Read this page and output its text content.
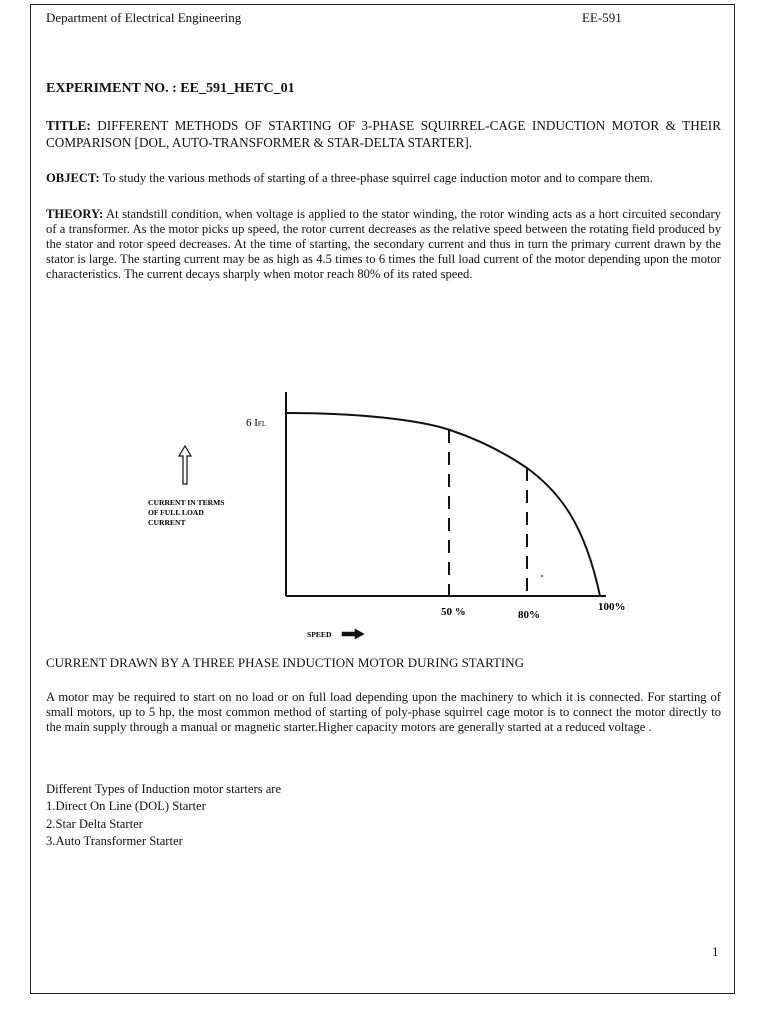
Department of Electrical Engineering	EE-591
EXPERIMENT NO. : EE_591_HETC_01
TITLE: DIFFERENT METHODS OF STARTING OF 3-PHASE SQUIRREL-CAGE INDUCTION MOTOR & THEIR COMPARISON [DOL, AUTO-TRANSFORMER & STAR-DELTA STARTER].
OBJECT: To study the various methods of starting of a three-phase squirrel cage induction motor and to compare them.
THEORY: At standstill condition, when voltage is applied to the stator winding, the rotor winding acts as a hort circuited secondary of a transformer. As the motor picks up speed, the rotor current decreases as the relative speed between the rotating field produced by the stator and rotor speed decreases. At the time of starting, the secondary current and thus in turn the primary current drawn by the stator is large. The starting current may be as high as 4.5 times to 6 times the full load current of the motor depending upon the motor characteristics. The current decays sharply when motor reach 80% of its rated speed.
6 IFL
CURRENT IN TERMS
OF FULL LOAD
CURRENT
50 %	80%
100%
SPEED
CURRENT DRAWN BY A THREE PHASE INDUCTION MOTOR DURING STARTING
A motor may be required to start on no load or on full load depending upon the machinery to which it is connected. For starting of small motors, up to 5 hp, the most common method of starting of poly-phase squirrel cage motor is to connect the motor directly to the main supply through a manual or magnetic starter.Higher capacity motors are generally started at a reduced voltage .
Different Types of Induction motor starters are
1.Direct On Line (DOL) Starter
2.Star Delta Starter
3.Auto Transformer Starter
1
